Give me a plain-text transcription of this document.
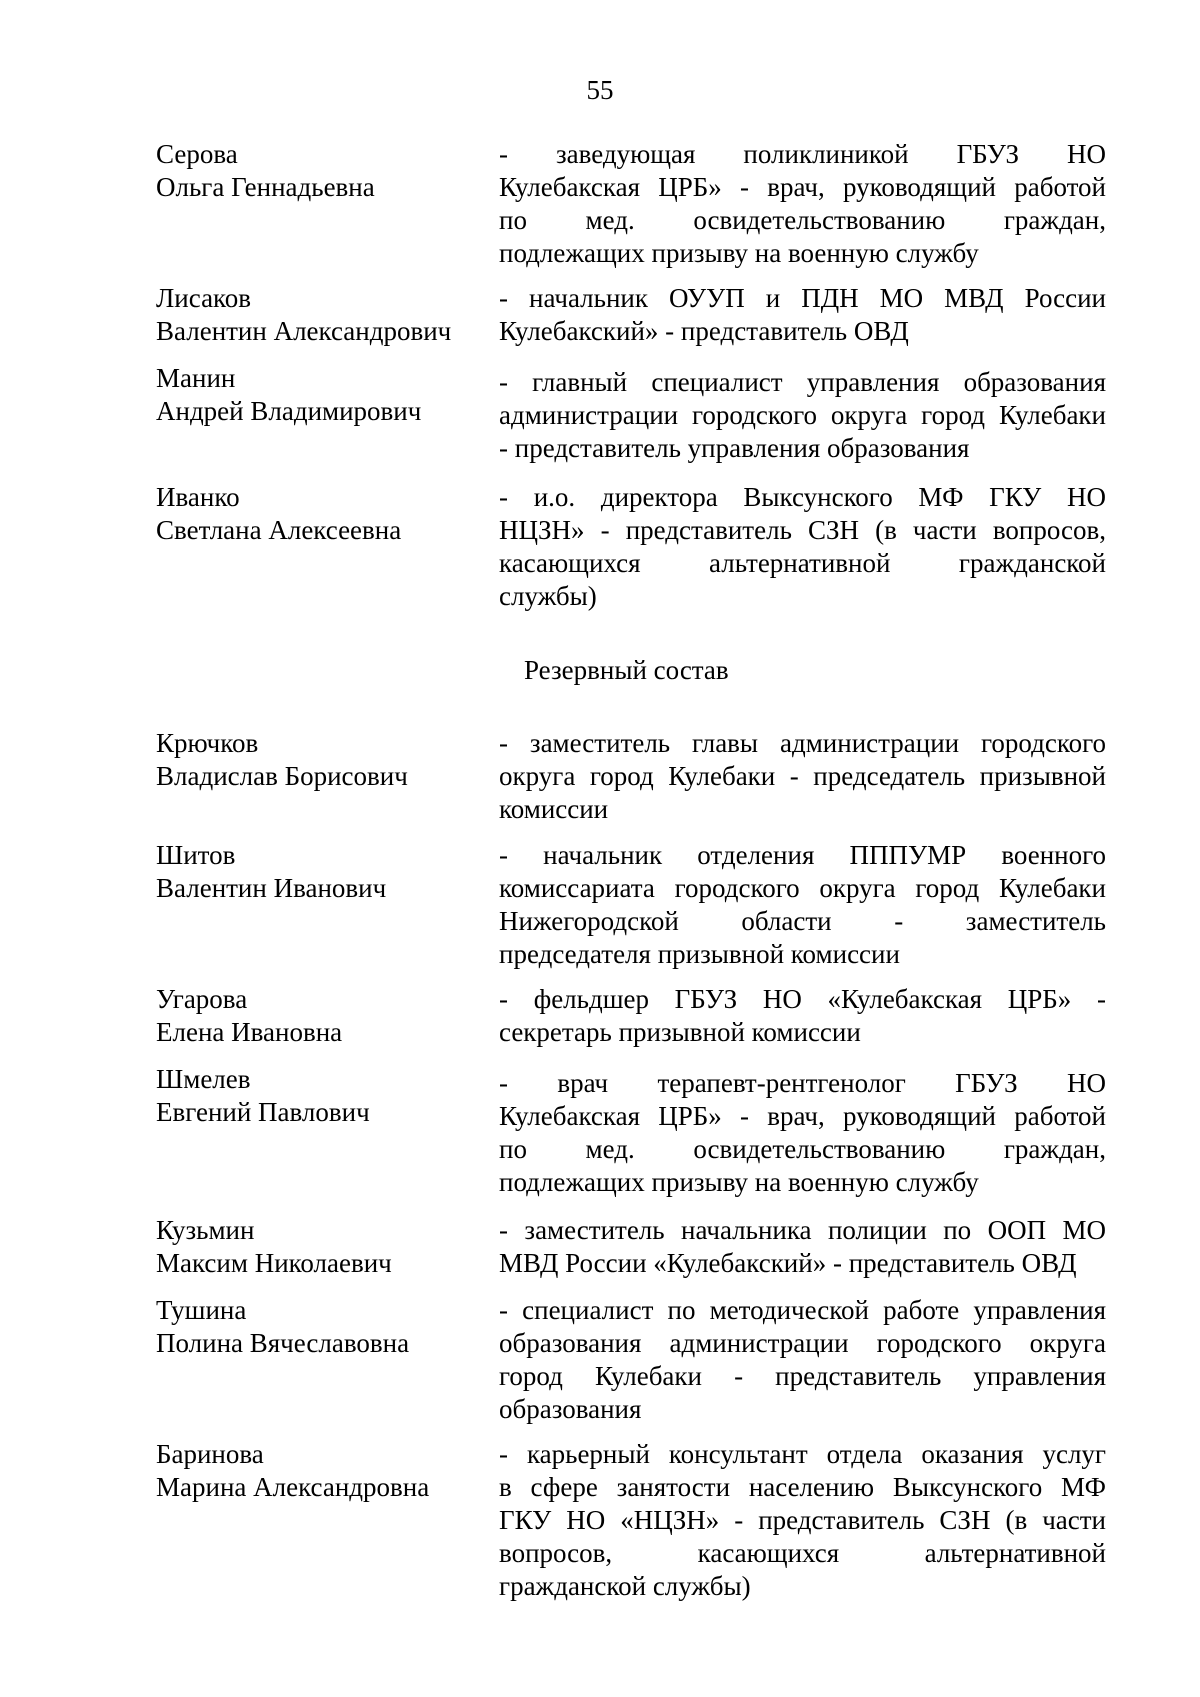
55
Серова
Ольга Геннадьевна
- заведующая поликлиникой ГБУЗ НО
Кулебакская ЦРБ» - врач, руководящий работой
по мед. освидетельствованию граждан,
подлежащих призыву на военную службу
Лисаков
Валентин Александрович
- начальник ОУУП и ПДН МО МВД России
Кулебакский» - представитель ОВД
Манин
Андрей Владимирович
- главный специалист управления образования
администрации городского округа город Кулебаки
- представитель управления образования
Иванко
Светлана Алексеевна
- и.о. директора Выксунского МФ ГКУ НО
НЦЗН» - представитель СЗН (в части вопросов,
касающихся альтернативной гражданской
службы)
Резервный состав
Крючков
Владислав Борисович
- заместитель главы администрации городского
округа город Кулебаки - председатель призывной
комиссии
Шитов
Валентин Иванович
- начальник отделения ПППУМР военного
комиссариата городского округа город Кулебаки
Нижегородской области - заместитель
председателя призывной комиссии
Угарова
Елена Ивановна
- фельдшер ГБУЗ НО «Кулебакская ЦРБ» -
секретарь призывной комиссии
Шмелев
Евгений Павлович
- врач терапевт-рентгенолог ГБУЗ НО
Кулебакская ЦРБ» - врач, руководящий работой
по мед. освидетельствованию граждан,
подлежащих призыву на военную службу
Кузьмин
Максим Николаевич
- заместитель начальника полиции по ООП МО
МВД России «Кулебакский» - представитель ОВД
Тушина
Полина Вячеславовна
- специалист по методической работе управления
образования администрации городского округа
город Кулебаки - представитель управления
образования
Баринова
Марина Александровна
- карьерный консультант отдела оказания услуг
в сфере занятости населению Выксунского МФ
ГКУ НО «НЦЗН» - представитель СЗН (в части
вопросов, касающихся альтернативной
гражданской службы)
